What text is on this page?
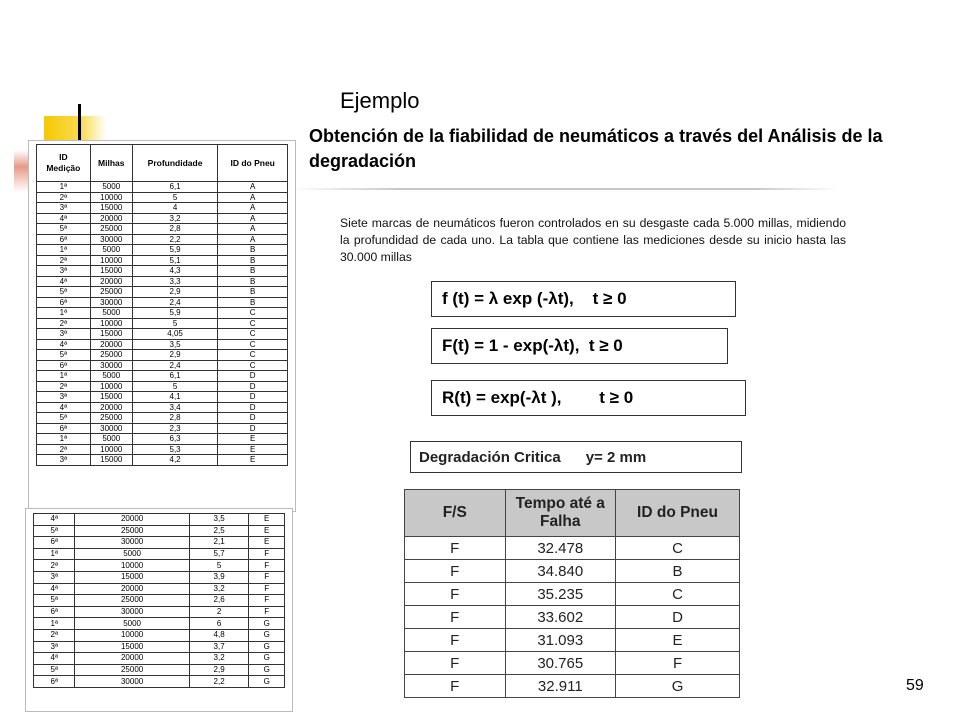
Ejemplo
Obtención de la fiabilidad de neumáticos a través del Análisis de la degradación
Siete marcas de neumáticos fueron controlados en su desgaste cada 5.000 millas, midiendo la profundidad de cada uno. La tabla que contiene las mediciones desde su inicio hasta las 30.000 millas
f (t) = λ exp (-λt),    t ≥ 0
F(t) = 1 - exp(-λt),  t ≥ 0
R(t) = exp(-λt ),        t ≥ 0
Degradación Critica      y= 2 mm
ID
Medição	Milhas	Profundidade	ID do Pneu
1ª	5000	6,1	A
2ª	10000	5	A
3ª	15000	4	A
4ª	20000	3,2	A
5ª	25000	2,8	A
6ª	30000	2,2	A
1ª	5000	5,9	B
2ª	10000	5,1	B
3ª	15000	4,3	B
4ª	20000	3,3	B
5ª	25000	2,9	B
6ª	30000	2,4	B
1ª	5000	5,9	C
2ª	10000	5	C
3ª	15000	4,05	C
4ª	20000	3,5	C
5ª	25000	2,9	C
6ª	30000	2,4	C
1ª	5000	6,1	D
2ª	10000	5	D
3ª	15000	4,1	D
4ª	20000	3,4	D
5ª	25000	2,8	D
6ª	30000	2,3	D
1ª	5000	6,3	E
2ª	10000	5,3	E
3ª	15000	4,2	E
4ª	20000	3,5	E
5ª	25000	2,5	E
6ª	30000	2,1	E
1ª	5000	5,7	F
2ª	10000	5	F
3ª	15000	3,9	F
4ª	20000	3,2	F
5ª	25000	2,6	F
6ª	30000	2	F
1ª	5000	6	G
2ª	10000	4,8	G
3ª	15000	3,7	G
4ª	20000	3,2	G
5ª	25000	2,9	G
6ª	30000	2,2	G
F/S	Tempo até a Falha	ID do Pneu
F	32.478	C
F	34.840	B
F	35.235	C
F	33.602	D
F	31.093	E
F	30.765	F
F	32.911	G	59
